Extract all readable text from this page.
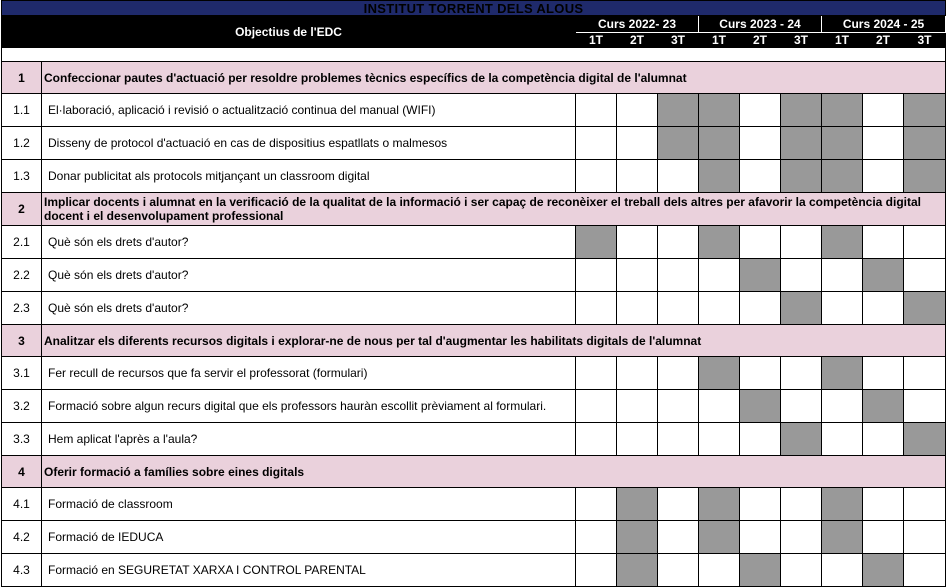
INSTITUT TORRENT DELS ALOUS										
Objectius de l'EDC		Curs 2022- 23			Curs 2023 - 24			Curs 2024 - 25		
		1T	2T	3T	1T	2T	3T	1T	2T	3T

1	Confeccionar pautes d'actuació per resoldre problemes tècnics específics de la competència digital de l'alumnat									
1.1	El·laboració, aplicació i revisió o actualització continua del manual (WIFI)									
1.2	Disseny de protocol d'actuació en cas de dispositius espatllats o malmesos									
1.3	Donar publicitat als protocols mitjançant un classroom digital									
2	Implicar docents i alumnat en la verificació de la qualitat de la informació i ser capaç de reconèixer el treball dels altres per afavorir la competència digital docent i el desenvolupament professional									
2.1	Què són els drets d'autor?									
2.2	Què són els drets d'autor?									
2.3	Què són els drets d'autor?									
3	Analitzar els diferents recursos digitals i explorar-ne de nous per tal d'augmentar les habilitats digitals de l'alumnat									
3.1	Fer recull de recursos que fa servir el professorat (formulari)									
3.2	Formació sobre algun recurs digital que els professors hauràn escollit prèviament al formulari.									
3.3	Hem aplicat l'après a l'aula?									
4	Oferir formació a famílies sobre eines digitals									
4.1	Formació de classroom									
4.2	Formació de IEDUCA									
4.3	Formació en SEGURETAT XARXA I CONTROL PARENTAL									
